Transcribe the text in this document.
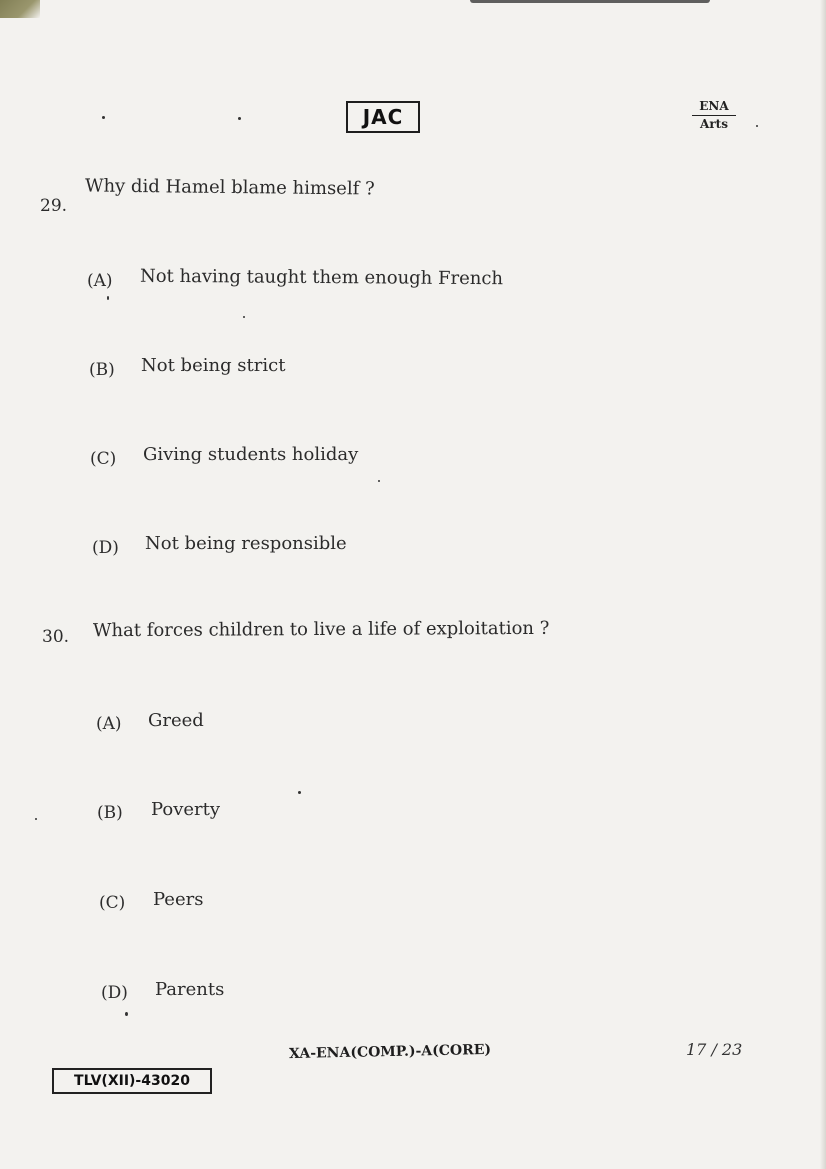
JAC	ENA
Arts
29.
Why did Hamel blame himself ?
(A) Not having taught them enough French
(B) Not being strict
(C) Giving students holiday
(D) Not being responsible
30. What forces children to live a life of exploitation ?
(A) Greed
(B) Poverty
(C) Peers
(D) Parents
TLV(XII)-43020
XA-ENA(COMP.)-A(CORE)	17 / 23
